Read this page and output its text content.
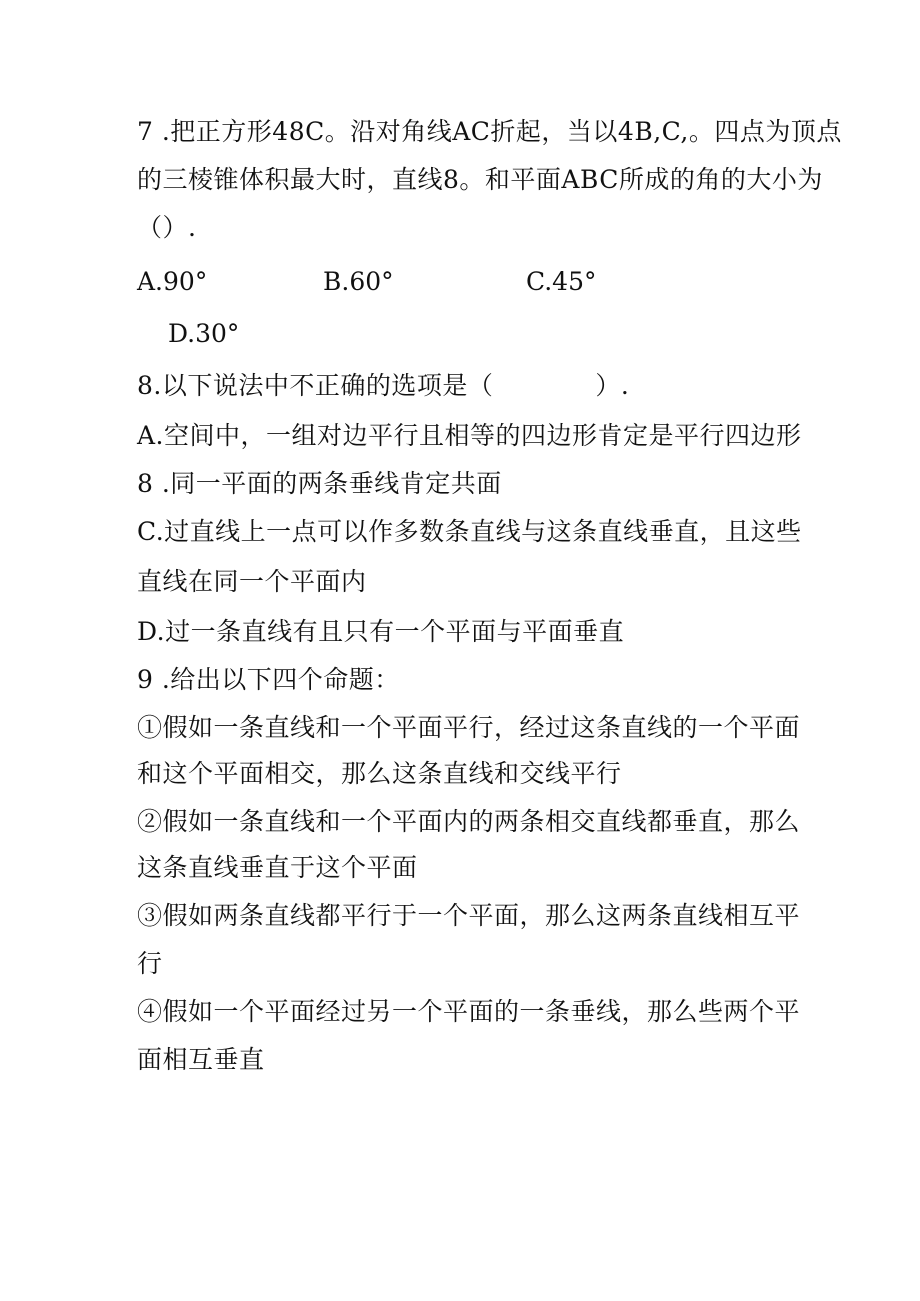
7 .把正方形48C。沿对角线AC折起，当以4B,C,。四点为顶点
的三棱锥体积最大时，直线8。和平面ABC所成的角的大小为
（）.
A.90°	B.60°	C.45°
D.30°
8.以下说法中不正确的选项是（　　　　）.
A.空间中，一组对边平行且相等的四边形肯定是平行四边形
8 .同一平面的两条垂线肯定共面
C.过直线上一点可以作多数条直线与这条直线垂直，且这些
直线在同一个平面内
D.过一条直线有且只有一个平面与平面垂直
9 .给出以下四个命题：
①假如一条直线和一个平面平行，经过这条直线的一个平面
和这个平面相交，那么这条直线和交线平行
②假如一条直线和一个平面内的两条相交直线都垂直，那么
这条直线垂直于这个平面
③假如两条直线都平行于一个平面，那么这两条直线相互平
行
④假如一个平面经过另一个平面的一条垂线，那么些两个平
面相互垂直
